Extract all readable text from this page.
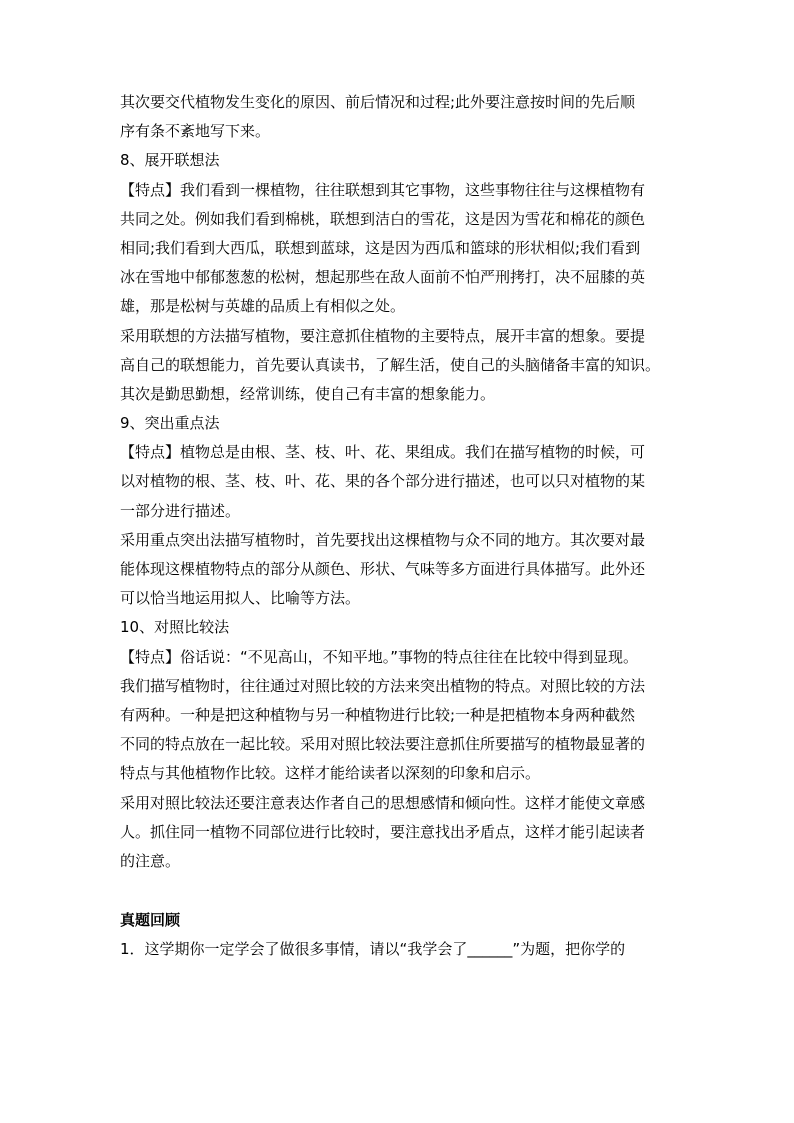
其次要交代植物发生变化的原因、前后情况和过程;此外要注意按时间的先后顺
序有条不紊地写下来。
8、展开联想法
【特点】我们看到一棵植物，往往联想到其它事物，这些事物往往与这棵植物有
共同之处。例如我们看到棉桃，联想到洁白的雪花，这是因为雪花和棉花的颜色
相同;我们看到大西瓜，联想到蓝球，这是因为西瓜和篮球的形状相似;我们看到
冰在雪地中郁郁葱葱的松树，想起那些在敌人面前不怕严刑拷打，决不屈膝的英
雄，那是松树与英雄的品质上有相似之处。
采用联想的方法描写植物，要注意抓住植物的主要特点，展开丰富的想象。要提
高自己的联想能力，首先要认真读书，了解生活，使自己的头脑储备丰富的知识。
其次是勤思勤想，经常训练，使自己有丰富的想象能力。
9、突出重点法
【特点】植物总是由根、茎、枝、叶、花、果组成。我们在描写植物的时候，可
以对植物的根、茎、枝、叶、花、果的各个部分进行描述，也可以只对植物的某
一部分进行描述。
采用重点突出法描写植物时，首先要找出这棵植物与众不同的地方。其次要对最
能体现这棵植物特点的部分从颜色、形状、气味等多方面进行具体描写。此外还
可以恰当地运用拟人、比喻等方法。
10、对照比较法
【特点】俗话说：“不见高山，不知平地。”事物的特点往往在比较中得到显现。
我们描写植物时，往往通过对照比较的方法来突出植物的特点。对照比较的方法
有两种。一种是把这种植物与另一种植物进行比较;一种是把植物本身两种截然
不同的特点放在一起比较。采用对照比较法要注意抓住所要描写的植物最显著的
特点与其他植物作比较。这样才能给读者以深刻的印象和启示。
采用对照比较法还要注意表达作者自己的思想感情和倾向性。这样才能使文章感
人。抓住同一植物不同部位进行比较时，要注意找出矛盾点，这样才能引起读者
的注意。
真题回顾
1．这学期你一定学会了做很多事情，请以“我学会了______”为题，把你学的
